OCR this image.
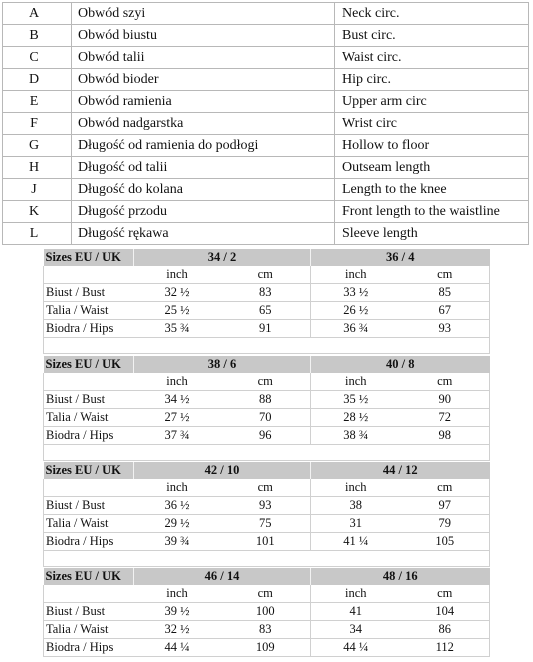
A	Obwód szyi	Neck circ.
B	Obwód biustu	Bust circ.
C	Obwód talii	Waist circ.
D	Obwód bioder	Hip circ.
E	Obwód ramienia	Upper arm circ
F	Obwód nadgarstka	Wrist circ
G	Długość od ramienia do podłogi	Hollow to floor
H	Długość od talii	Outseam length
J	Długość do kolana	Length to the knee
K	Długość przodu	Front length to the waistline
L	Długość rękawa	Sleeve length
Sizes EU / UK	34 / 2		36 / 4	
	inch	cm	inch	cm
Biust / Bust	32 ½	83	33 ½	85
Talia / Waist	25 ½	65	26 ½	67
Biodra / Hips	35 ¾	91	36 ¾	93

Sizes EU / UK	38 / 6		40 / 8	
	inch	cm	inch	cm
Biust / Bust	34 ½	88	35 ½	90
Talia / Waist	27 ½	70	28 ½	72
Biodra / Hips	37 ¾	96	38 ¾	98

Sizes EU / UK	42 / 10		44 / 12	
	inch	cm	inch	cm
Biust / Bust	36 ½	93	38	97
Talia / Waist	29 ½	75	31	79
Biodra / Hips	39 ¾	101	41 ¼	105

Sizes EU / UK	46 / 14		48 / 16	
	inch	cm	inch	cm
Biust / Bust	39 ½	100	41	104
Talia / Waist	32 ½	83	34	86
Biodra / Hips	44 ¼	109	44 ¼	112
